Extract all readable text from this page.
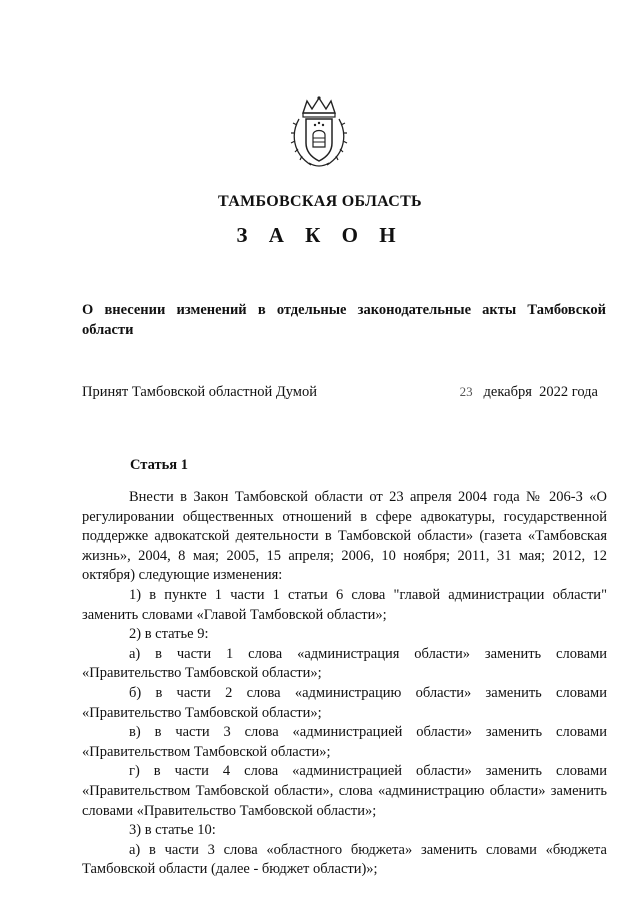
ТАМБОВСКАЯ ОБЛАСТЬ
З А К О Н
О внесении изменений в отдельные законодательные акты Тамбовской области
Принят Тамбовской областной Думой	23   декабря  2022 года
Статья 1

Внести в Закон Тамбовской области от 23 апреля 2004 года № 206-З «О регулировании общественных отношений в сфере адвокатуры, государственной поддержке адвокатской деятельности в Тамбовской области» (газета «Тамбовская жизнь», 2004, 8 мая; 2005, 15 апреля; 2006, 10 ноября; 2011, 31 мая; 2012, 12 октября) следующие изменения:

1) в пункте 1 части 1 статьи 6 слова "главой администрации области" заменить словами «Главой Тамбовской области»;

2) в статье 9:

а) в части 1 слова «администрация области» заменить словами «Правительство Тамбовской области»;

б) в части 2 слова «администрацию области» заменить словами «Правительство Тамбовской области»;

в) в части 3 слова «администрацией области» заменить словами «Правительством Тамбовской области»;

г) в части 4 слова «администрацией области» заменить словами «Правительством Тамбовской области», слова «администрацию области» заменить словами «Правительство Тамбовской области»;

3) в статье 10:

а) в части 3 слова «областного бюджета» заменить словами «бюджета Тамбовской области (далее - бюджет области)»;
